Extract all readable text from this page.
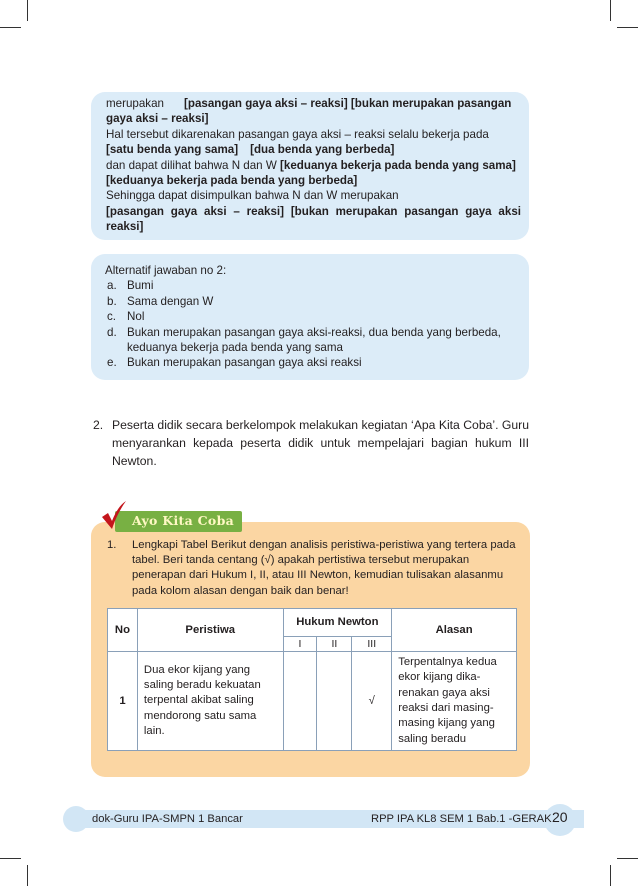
merupakan [pasangan gaya aksi – reaksi] [bukan merupakan pasangan
gaya aksi – reaksi]
Hal tersebut dikarenakan pasangan gaya aksi – reaksi selalu bekerja pada
[satu benda yang sama] [dua benda yang berbeda]
dan dapat dilihat bahwa N dan W [keduanya bekerja pada benda yang sama]
[keduanya bekerja pada benda yang berbeda]
Sehingga dapat disimpulkan bahwa N dan W merupakan
[pasangan gaya aksi – reaksi] [bukan merupakan pasangan gaya aksi
reaksi]
Alternatif jawaban no 2:
a. Bumi
b. Sama dengan W
c. Nol
d. Bukan merupakan pasangan gaya aksi-reaksi, dua benda yang berbeda,
keduanya bekerja pada benda yang sama
e. Bukan merupakan pasangan gaya aksi reaksi
2. Peserta didik secara berkelompok melakukan kegiatan ‘Apa Kita Coba’. Guru menyarankan kepada peserta didik untuk mempelajari bagian hukum III Newton.
Ayo Kita Coba
1.	Lengkapi Tabel Berikut dengan analisis peristiwa-peristiwa yang tertera pada tabel. Beri tanda centang (√) apakah pertistiwa tersebut merupakan penerapan dari Hukum I, II, atau III Newton, kemudian tulisakan alasanmu pada kolom alasan dengan baik dan benar!
No	Peristiwa	Hukum Newton			Alasan
		I	II	III	
1	Dua ekor kijang yang saling beradu kekuatan terpental akibat saling mendorong satu sama lain.			√	Terpentalnya kedua ekor kijang dika-renakan gaya aksi reaksi dari masing-masing kijang yang saling beradu
dok-Guru IPA-SMPN 1 Bancar	RPP IPA KL8 SEM 1 Bab.1 -GERAK 20
